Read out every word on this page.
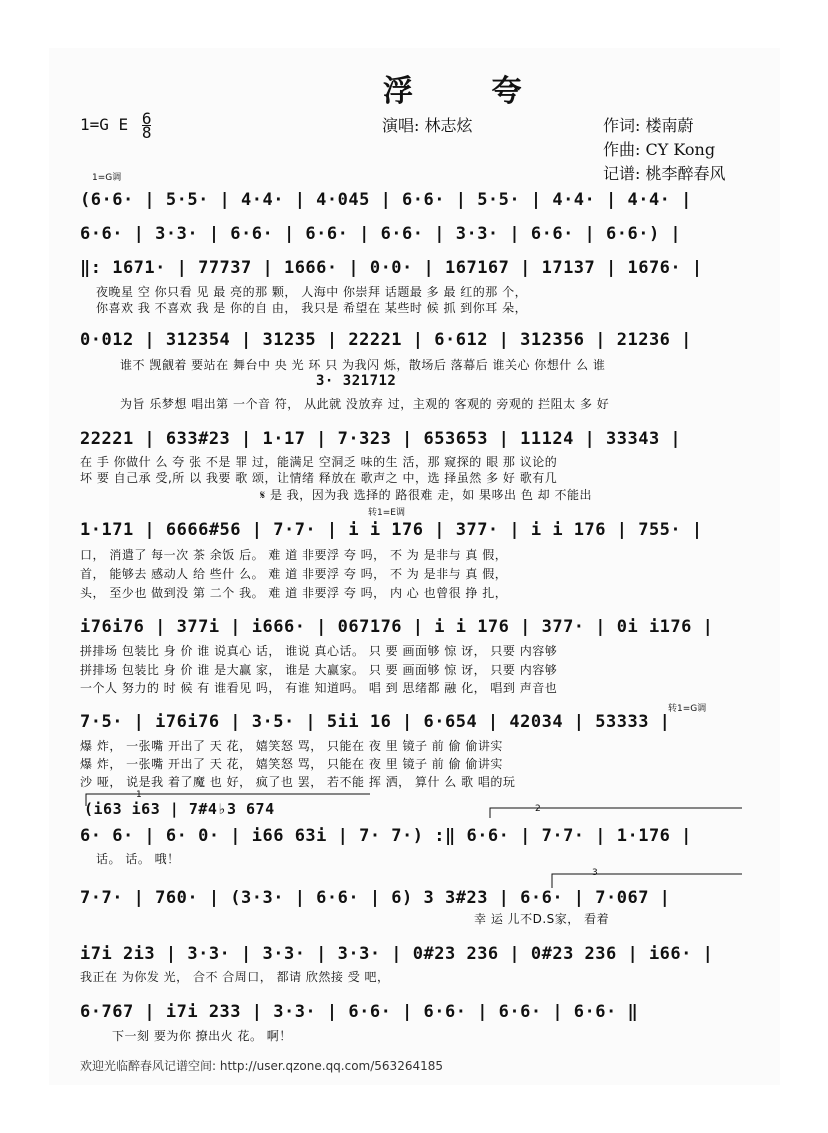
浮 夸
1=G E $\frac{6}{8}$	演唱: 林志炫	作词: 楼南蔚
作曲: CY Kong
记谱: 桃李醉春风
1=G调
(6·6· | 5·5· | 4·4· | 4·045 | 6·6· | 5·5· | 4·4· | 4·4· |
6·6· | 3·3· | 6·6· | 6·6· | 6·6· | 3·3· | 6·6· | 6·6·) |
‖: 1671· | 77737 | 1666· | 0·0· | 167167 | 17137 | 1676· |
夜晚星 空 你只看 见 最 亮的那 颗， 人海中 你崇拜 话题最 多 最 红的那 个，
你喜欢 我 不喜欢 我 是 你的自 由， 我只是 希望在 某些时 候 抓 到你耳 朵，
0·012 | 312354 | 31235 | 22221 | 6·612 | 312356 | 21236 |
谁不 觊觎着 要站在 舞台中 央 光 环 只 为我闪 烁，散场后 落幕后 谁关心 你想什 么 谁
3· 321712
为旨 乐梦想 唱出第 一个音 符， 从此就 没放弃 过，主观的 客观的 旁观的 拦阻太 多 好
22221 | 633#23 | 1·17 | 7·323 | 653653 | 11124 | 33343 |
在 手 你做什 么 夸 张 不是 罪 过，能满足 空洞乏 味的生 活，那 窥探的 眼 那 议论的
坏 要 自己承 受,所 以 我要 歌 颂，让情绪 释放在 歌声之 中，选 择虽然 多 好 歌有几
𝄋 是 我，因为我 选择的 路很难 走，如 果哆出 色 却 不能出
转1=E调
1·171 | 6666#56 | 7·7· | i i 176 | 377· | i i 176 | 755· |
口， 消遣了 每一次 茶 余饭 后。 难 道 非要浮 夸 吗， 不 为 是非与 真 假，
首， 能够去 感动人 给 些什 么。 难 道 非要浮 夸 吗， 不 为 是非与 真 假，
头， 至少也 做到没 第 二个 我。 难 道 非要浮 夸 吗， 内 心 也曾很 挣 扎，
i76i76 | 377i | i666· | 067176 | i i 176 | 377· | 0i i176 |
拼排场 包装比 身 价 谁 说真心 话， 谁说 真心话。 只 要 画面够 惊 讶， 只要 内容够
拼排场 包装比 身 价 谁 是大赢 家， 谁是 大赢家。 只 要 画面够 惊 讶， 只要 内容够
一个人 努力的 时 候 有 谁看见 吗， 有谁 知道吗。 唱 到 思绪都 融 化， 唱到 声音也
转1=G调
7·5· | i76i76 | 3·5· | 5ii 16 | 6·654 | 42034 | 53333 |
爆 炸， 一张嘴 开出了 天 花， 嬉笑怒 骂， 只能在 夜 里 镜子 前 偷 偷讲实
爆 炸， 一张嘴 开出了 天 花， 嬉笑怒 骂， 只能在 夜 里 镜子 前 偷 偷讲实
沙 哑， 说是我 着了魔 也 好， 疯了也 罢， 若不能 挥 洒， 算什 么 歌 唱的玩
1
2
3
(i63 i63 | 7#4♭3 674
6· 6· | 6· 0· | i66 63i | 7· 7·) :‖ 6·6· | 7·7· | 1·176 |
话。 话。 哦！
7·7· | 760· | (3·3· | 6·6· | 6) 3 3#23 | 6·6· | 7·067 |
幸 运 儿不D.S家， 看着
i7i 2i3 | 3·3· | 3·3· | 3·3· | 0#23 236 | 0#23 236 | i66· |
我正在 为你发 光， 合不 合周口， 都请 欣然接 受 吧，
6·767 | i7i 233 | 3·3· | 6·6· | 6·6· | 6·6· | 6·6· ‖
下一刻 要为你 撩出火 花。 啊！
欢迎光临醉春风记谱空间: http://user.qzone.qq.com/563264185
